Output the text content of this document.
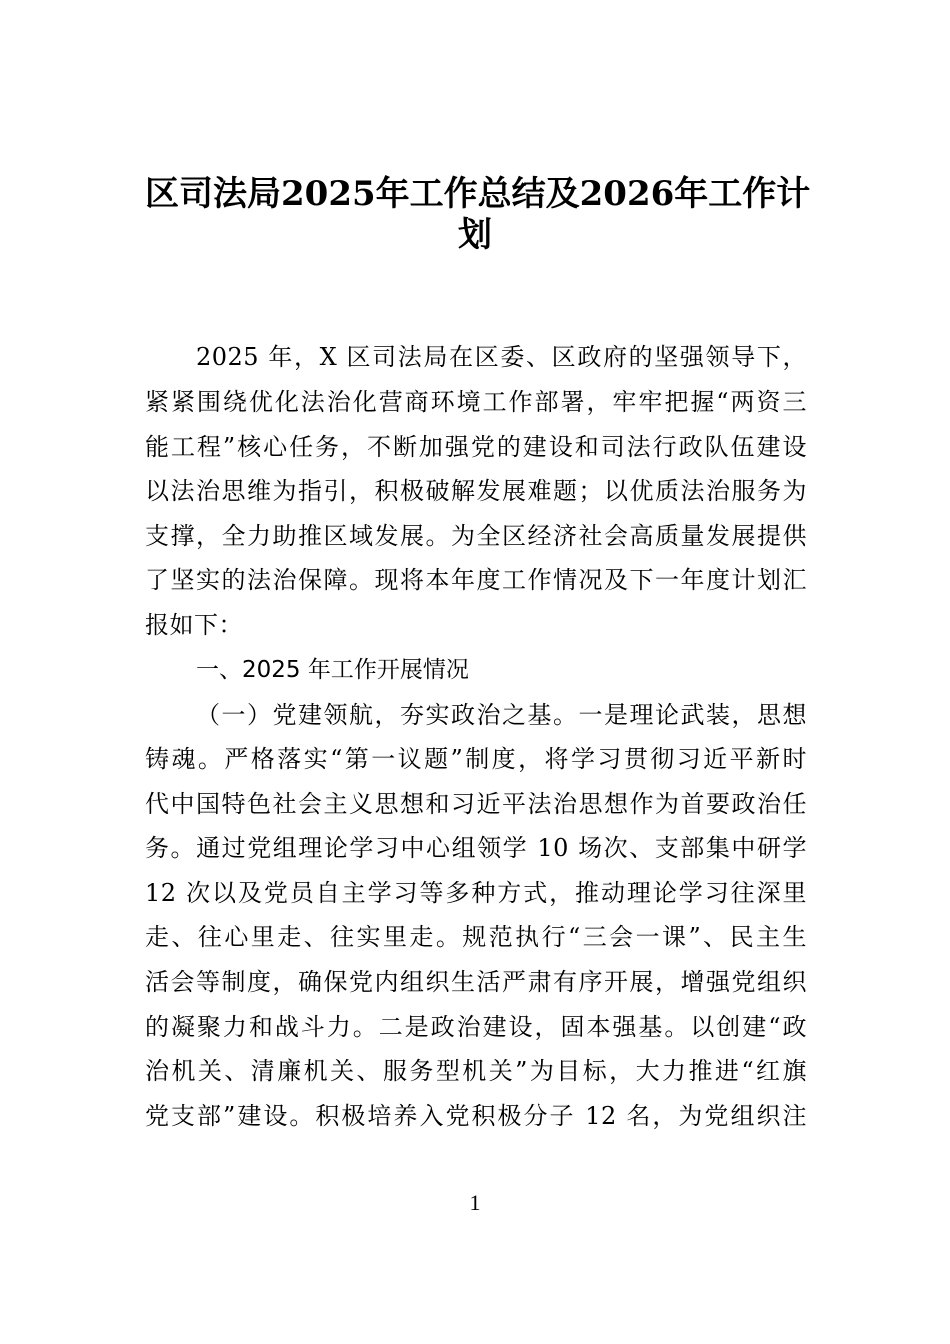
区司法局2025年工作总结及2026年工作计
划
2025 年，X 区司法局在区委、区政府的坚强领导下，
紧紧围绕优化法治化营商环境工作部署，牢牢把握“两资三
能工程”核心任务，不断加强党的建设和司法行政队伍建设
以法治思维为指引，积极破解发展难题；以优质法治服务为
支撑，全力助推区域发展。为全区经济社会高质量发展提供
了坚实的法治保障。现将本年度工作情况及下一年度计划汇
报如下：
一、2025 年工作开展情况
（一）党建领航，夯实政治之基。一是理论武装，思想
铸魂。严格落实“第一议题”制度，将学习贯彻习近平新时
代中国特色社会主义思想和习近平法治思想作为首要政治任
务。通过党组理论学习中心组领学 10 场次、支部集中研学
12 次以及党员自主学习等多种方式，推动理论学习往深里
走、往心里走、往实里走。规范执行“三会一课”、民主生
活会等制度，确保党内组织生活严肃有序开展，增强党组织
的凝聚力和战斗力。二是政治建设，固本强基。以创建“政
治机关、清廉机关、服务型机关”为目标，大力推进“红旗
党支部”建设。积极培养入党积极分子 12 名，为党组织注
1
